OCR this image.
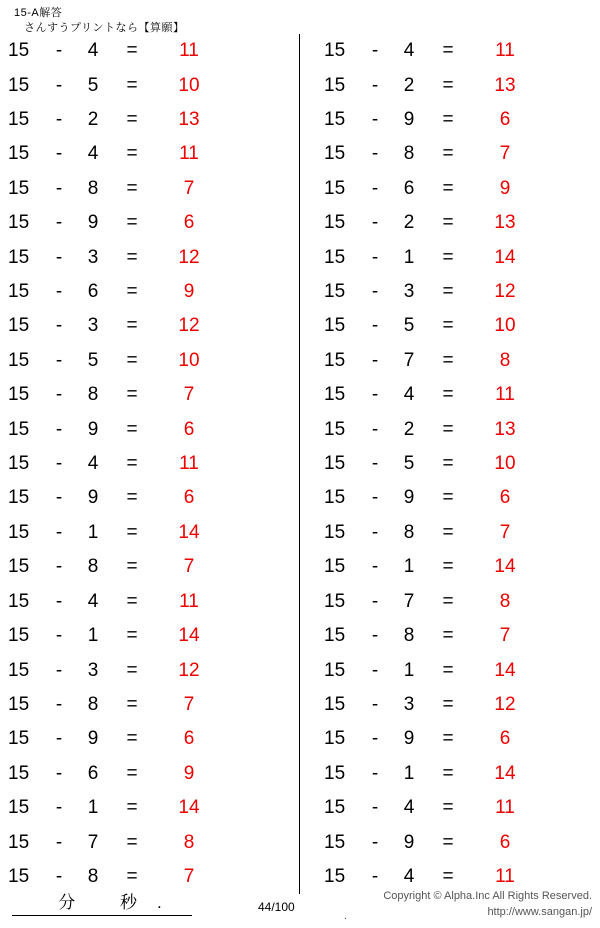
15-A解答
さんすうプリントなら【算願】
15	-	4	=	11
15	-	5	=	10
15	-	2	=	13
15	-	4	=	11
15	-	8	=	7
15	-	9	=	6
15	-	3	=	12
15	-	6	=	9
15	-	3	=	12
15	-	5	=	10
15	-	8	=	7
15	-	9	=	6
15	-	4	=	11
15	-	9	=	6
15	-	1	=	14
15	-	8	=	7
15	-	4	=	11
15	-	1	=	14
15	-	3	=	12
15	-	8	=	7
15	-	9	=	6
15	-	6	=	9
15	-	1	=	14
15	-	7	=	8
15	-	8	=	7
15	-	4	=	11
15	-	2	=	13
15	-	9	=	6
15	-	8	=	7
15	-	6	=	9
15	-	2	=	13
15	-	1	=	14
15	-	3	=	12
15	-	5	=	10
15	-	7	=	8
15	-	4	=	11
15	-	2	=	13
15	-	5	=	10
15	-	9	=	6
15	-	8	=	7
15	-	1	=	14
15	-	7	=	8
15	-	8	=	7
15	-	1	=	14
15	-	3	=	12
15	-	9	=	6
15	-	1	=	14
15	-	4	=	11
15	-	9	=	6
15	-	4	=	11
分	秒 .	44/100
.
Copyright © Alpha.Inc All Rights Reserved.
http://www.sangan.jp/
